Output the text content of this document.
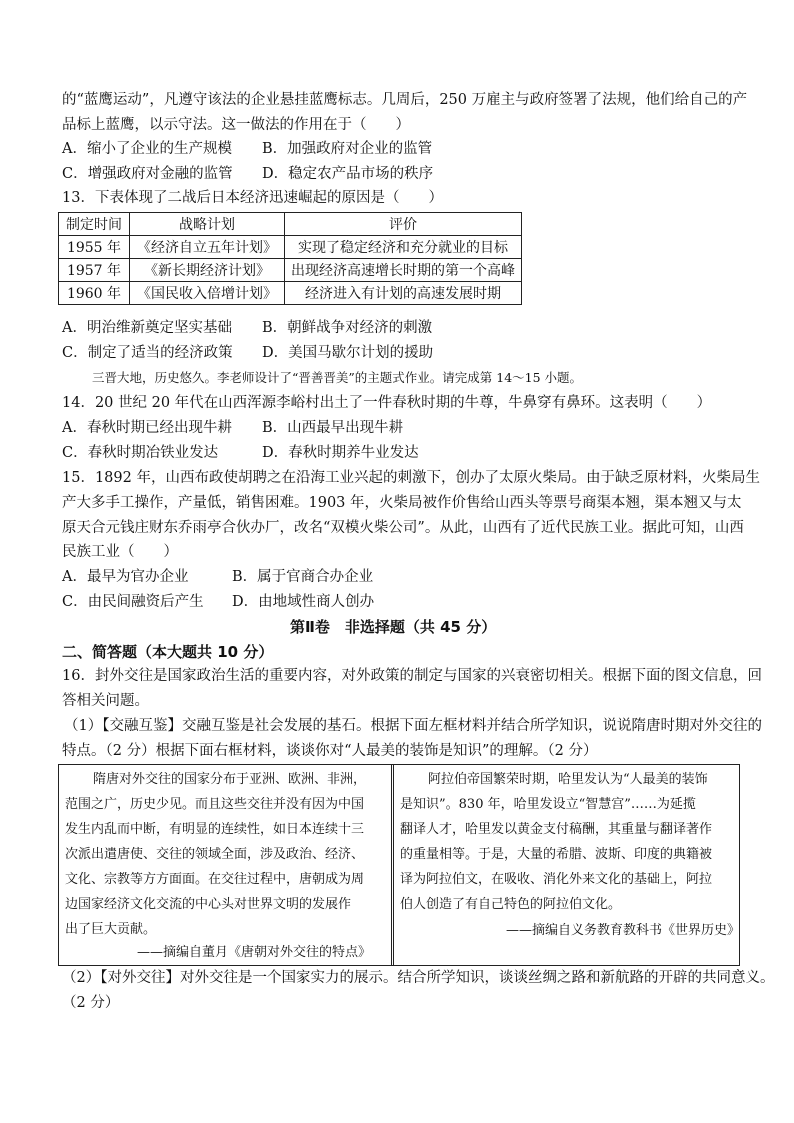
的“蓝鹰运动”，凡遵守该法的企业悬挂蓝鹰标志。几周后，250 万雇主与政府签署了法规，他们给自己的产
品标上蓝鹰，以示守法。这一做法的作用在于（　　）
A．缩小了企业的生产规模 B．加强政府对企业的监管
C．增强政府对金融的监管 D．稳定农产品市场的秩序
13．下表体现了二战后日本经济迅速崛起的原因是（　　）
制定时间	战略计划	评价
1955 年	《经济自立五年计划》	实现了稳定经济和充分就业的目标
1957 年	《新长期经济计划》	出现经济高速增长时期的第一个高峰
1960 年	《国民收入倍增计划》	经济进入有计划的高速发展时期
A．明治维新奠定坚实基础 B．朝鲜战争对经济的刺激
C．制定了适当的经济政策 D．美国马歇尔计划的援助
三晋大地，历史悠久。李老师设计了“晋善晋美”的主题式作业。请完成第 14～15 小题。
14．20 世纪 20 年代在山西浑源李峪村出土了一件春秋时期的牛尊，牛鼻穿有鼻环。这表明（　　）
A．春秋时期已经出现牛耕 B．山西最早出现牛耕
C．春秋时期冶铁业发达	D．春秋时期养牛业发达
15．1892 年，山西布政使胡聘之在沿海工业兴起的刺激下，创办了太原火柴局。由于缺乏原材料，火柴局生
产大多手工操作，产量低，销售困难。1903 年，火柴局被作价售给山西头等票号商渠本翘，渠本翘又与太
原天合元钱庄财东乔雨亭合伙办厂，改名“双模火柴公司”。从此，山西有了近代民族工业。据此可知，山西
民族工业（　　）
A．最早为官办企业	B．属于官商合办企业
C．由民间融资后产生 D．由地域性商人创办
第Ⅱ卷　非选择题（共 45 分）
二、简答题（本大题共 10 分）
16．封外交往是国家政治生活的重要内容，对外政策的制定与国家的兴衰密切相关。根据下面的图文信息，回
答相关问题。
（1）【交融互鉴】交融互鉴是社会发展的基石。根据下面左框材料并结合所学知识，说说隋唐时期对外交往的
特点。（2 分）根据下面右框材料，谈谈你对“人最美的装饰是知识”的理解。（2 分）
隋唐对外交往的国家分布于亚洲、欧洲、非洲，
范围之广，历史少见。而且这些交往并没有因为中国
发生内乱而中断，有明显的连续性，如日本连续十三
次派出遣唐使、交往的领域全面，涉及政治、经济、
文化、宗教等方方面面。在交往过程中，唐朝成为周
边国家经济文化交流的中心头对世界文明的发展作
出了巨大贡献。
——摘编自董月《唐朝对外交往的特点》
阿拉伯帝国繁荣时期，哈里发认为“人最美的装饰
是知识”。830 年，哈里发设立“智慧宫”……为延揽
翻译人才，哈里发以黄金支付稿酬，其重量与翻译著作
的重量相等。于是，大量的希腊、波斯、印度的典籍被
译为阿拉伯文，在吸收、消化外来文化的基础上，阿拉
伯人创造了有自己特色的阿拉伯文化。
——摘编自义务教育教科书《世界历史》
（2）【对外交往】对外交往是一个国家实力的展示。结合所学知识，谈谈丝绸之路和新航路的开辟的共同意义。
（2 分）
